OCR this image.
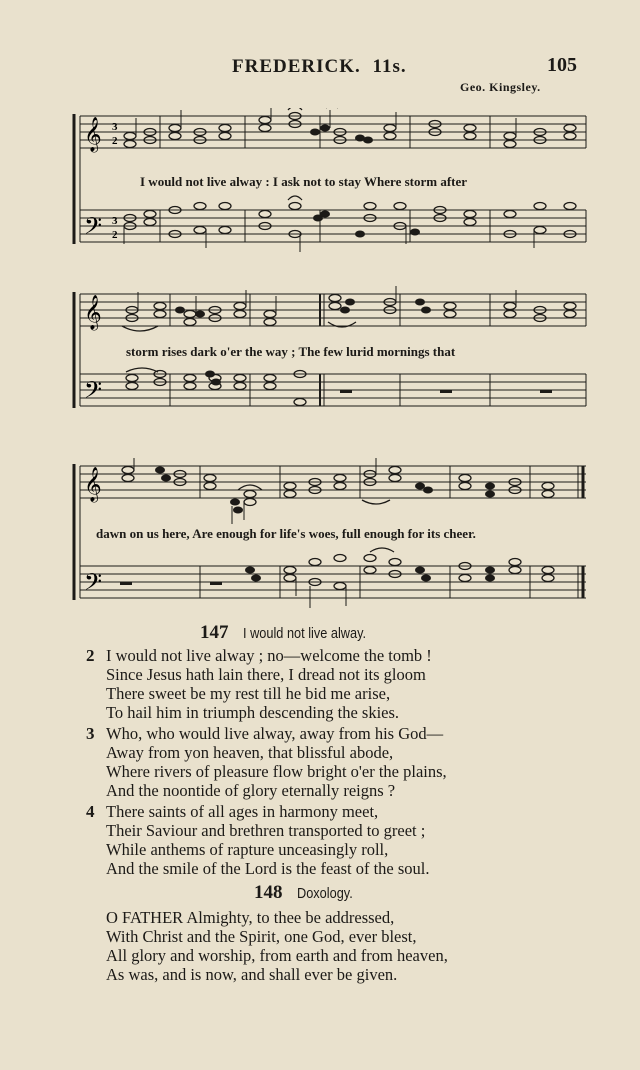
FREDERICK. 11s.	105
Geo. Kingsley.
𝄞
𝄢
3
2
3
2
I would not live alway : I ask not to stay Where storm after
𝄞
𝄢
storm rises dark o'er the way ; The few lurid mornings that
𝄞
𝄢
dawn on us here, Are enough for life's woes, full enough for its cheer.
147 I would not live alway.
2 I would not live alway ; no—welcome the tomb !
Since Jesus hath lain there, I dread not its gloom
There sweet be my rest till he bid me arise,
To hail him in triumph descending the skies.
3 Who, who would live alway, away from his God—
Away from yon heaven, that blissful abode,
Where rivers of pleasure flow bright o'er the plains,
And the noontide of glory eternally reigns ?
4 There saints of all ages in harmony meet,
Their Saviour and brethren transported to greet ;
While anthems of rapture unceasingly roll,
And the smile of the Lord is the feast of the soul.
148 Doxology.
O FATHER Almighty, to thee be addressed,
With Christ and the Spirit, one God, ever blest,
All glory and worship, from earth and from heaven,
As was, and is now, and shall ever be given.
